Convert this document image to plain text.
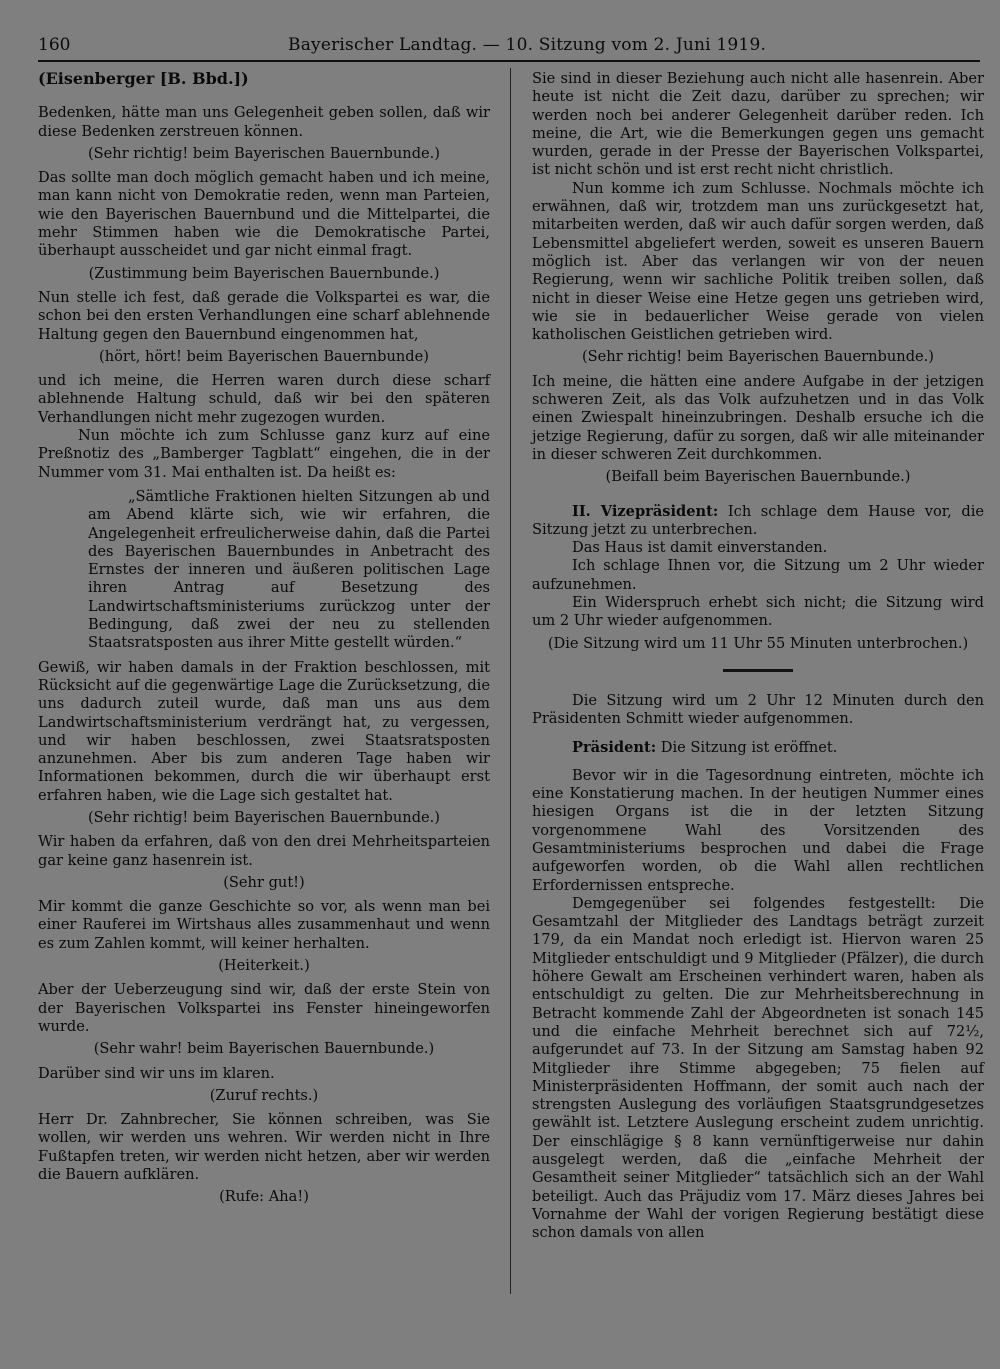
160	Bayerischer Landtag. — 10. Sitzung vom 2. Juni 1919.
(Eisenberger [B. Bbd.])

Bedenken, hätte man uns Gelegenheit geben sollen, daß wir diese Bedenken zerstreuen können.

(Sehr richtig! beim Bayerischen Bauernbunde.)

Das sollte man doch möglich gemacht haben und ich meine, man kann nicht von Demokratie reden, wenn man Parteien, wie den Bayerischen Bauernbund und die Mittelpartei, die mehr Stimmen haben wie die Demokratische Partei, überhaupt ausscheidet und gar nicht einmal fragt.

(Zustimmung beim Bayerischen Bauernbunde.)

Nun stelle ich fest, daß gerade die Volkspartei es war, die schon bei den ersten Verhandlungen eine scharf ablehnende Haltung gegen den Bauernbund eingenommen hat,

(hört, hört! beim Bayerischen Bauernbunde)

und ich meine, die Herren waren durch diese scharf ablehnende Haltung schuld, daß wir bei den späteren Verhandlungen nicht mehr zugezogen wurden.

Nun möchte ich zum Schlusse ganz kurz auf eine Preßnotiz des „Bamberger Tagblatt“ eingehen, die in der Nummer vom 31. Mai enthalten ist. Da heißt es:

„Sämtliche Fraktionen hielten Sitzungen ab und am Abend klärte sich, wie wir erfahren, die Angelegenheit erfreulicherweise dahin, daß die Partei des Bayerischen Bauernbundes in Anbetracht des Ernstes der inneren und äußeren politischen Lage ihren Antrag auf Besetzung des Landwirtschaftsministeriums zurückzog unter der Bedingung, daß zwei der neu zu stellenden Staatsratsposten aus ihrer Mitte gestellt würden.“

Gewiß, wir haben damals in der Fraktion beschlossen, mit Rücksicht auf die gegenwärtige Lage die Zurücksetzung, die uns dadurch zuteil wurde, daß man uns aus dem Landwirtschaftsministerium verdrängt hat, zu vergessen, und wir haben beschlossen, zwei Staatsratsposten anzunehmen. Aber bis zum anderen Tage haben wir Informationen bekommen, durch die wir überhaupt erst erfahren haben, wie die Lage sich gestaltet hat.

(Sehr richtig! beim Bayerischen Bauernbunde.)

Wir haben da erfahren, daß von den drei Mehrheitsparteien gar keine ganz hasenrein ist.

(Sehr gut!)

Mir kommt die ganze Geschichte so vor, als wenn man bei einer Rauferei im Wirtshaus alles zusammenhaut und wenn es zum Zahlen kommt, will keiner herhalten.

(Heiterkeit.)

Aber der Ueberzeugung sind wir, daß der erste Stein von der Bayerischen Volkspartei ins Fenster hineingeworfen wurde.

(Sehr wahr! beim Bayerischen Bauernbunde.)

Darüber sind wir uns im klaren.

(Zuruf rechts.)

Herr Dr. Zahnbrecher, Sie können schreiben, was Sie wollen, wir werden uns wehren. Wir werden nicht in Ihre Fußtapfen treten, wir werden nicht hetzen, aber wir werden die Bauern aufklären.

(Rufe: Aha!)

Sie sind in dieser Beziehung auch nicht alle hasenrein. Aber heute ist nicht die Zeit dazu, darüber zu sprechen; wir werden noch bei anderer Gelegenheit darüber reden. Ich meine, die Art, wie die Bemerkungen gegen uns gemacht wurden, gerade in der Presse der Bayerischen Volkspartei, ist nicht schön und ist erst recht nicht christlich.

Nun komme ich zum Schlusse. Nochmals möchte ich erwähnen, daß wir, trotzdem man uns zurückgesetzt hat, mitarbeiten werden, daß wir auch dafür sorgen werden, daß Lebensmittel abgeliefert werden, soweit es unseren Bauern möglich ist. Aber das verlangen wir von der neuen Regierung, wenn wir sachliche Politik treiben sollen, daß nicht in dieser Weise eine Hetze gegen uns getrieben wird, wie sie in bedauerlicher Weise gerade von vielen katholischen Geistlichen getrieben wird.

(Sehr richtig! beim Bayerischen Bauernbunde.)

Ich meine, die hätten eine andere Aufgabe in der jetzigen schweren Zeit, als das Volk aufzuhetzen und in das Volk einen Zwiespalt hineinzubringen. Deshalb ersuche ich die jetzige Regierung, dafür zu sorgen, daß wir alle miteinander in dieser schweren Zeit durchkommen.

(Beifall beim Bayerischen Bauernbunde.)

II. Vizepräsident: Ich schlage dem Hause vor, die Sitzung jetzt zu unterbrechen.

Das Haus ist damit einverstanden.

Ich schlage Ihnen vor, die Sitzung um 2 Uhr wieder aufzunehmen.

Ein Widerspruch erhebt sich nicht; die Sitzung wird um 2 Uhr wieder aufgenommen.

(Die Sitzung wird um 11 Uhr 55 Minuten unterbrochen.)

Die Sitzung wird um 2 Uhr 12 Minuten durch den Präsidenten Schmitt wieder aufgenommen.

Präsident: Die Sitzung ist eröffnet.

Bevor wir in die Tagesordnung eintreten, möchte ich eine Konstatierung machen. In der heutigen Nummer eines hiesigen Organs ist die in der letzten Sitzung vorgenommene Wahl des Vorsitzenden des Gesamtministeriums besprochen und dabei die Frage aufgeworfen worden, ob die Wahl allen rechtlichen Erfordernissen entspreche.

Demgegenüber sei folgendes festgestellt: Die Gesamtzahl der Mitglieder des Landtags beträgt zurzeit 179, da ein Mandat noch erledigt ist. Hiervon waren 25 Mitglieder entschuldigt und 9 Mitglieder (Pfälzer), die durch höhere Gewalt am Erscheinen verhindert waren, haben als entschuldigt zu gelten. Die zur Mehrheitsberechnung in Betracht kommende Zahl der Abgeordneten ist sonach 145 und die einfache Mehrheit berechnet sich auf 72½, aufgerundet auf 73. In der Sitzung am Samstag haben 92 Mitglieder ihre Stimme abgegeben; 75 fielen auf Ministerpräsidenten Hoffmann, der somit auch nach der strengsten Auslegung des vorläufigen Staatsgrundgesetzes gewählt ist. Letztere Auslegung erscheint zudem unrichtig. Der einschlägige § 8 kann vernünftigerweise nur dahin ausgelegt werden, daß die „einfache Mehrheit der Gesamtheit seiner Mitglieder“ tatsächlich sich an der Wahl beteiligt. Auch das Präjudiz vom 17. März dieses Jahres bei Vornahme der Wahl der vorigen Regierung bestätigt diese schon damals von allen
